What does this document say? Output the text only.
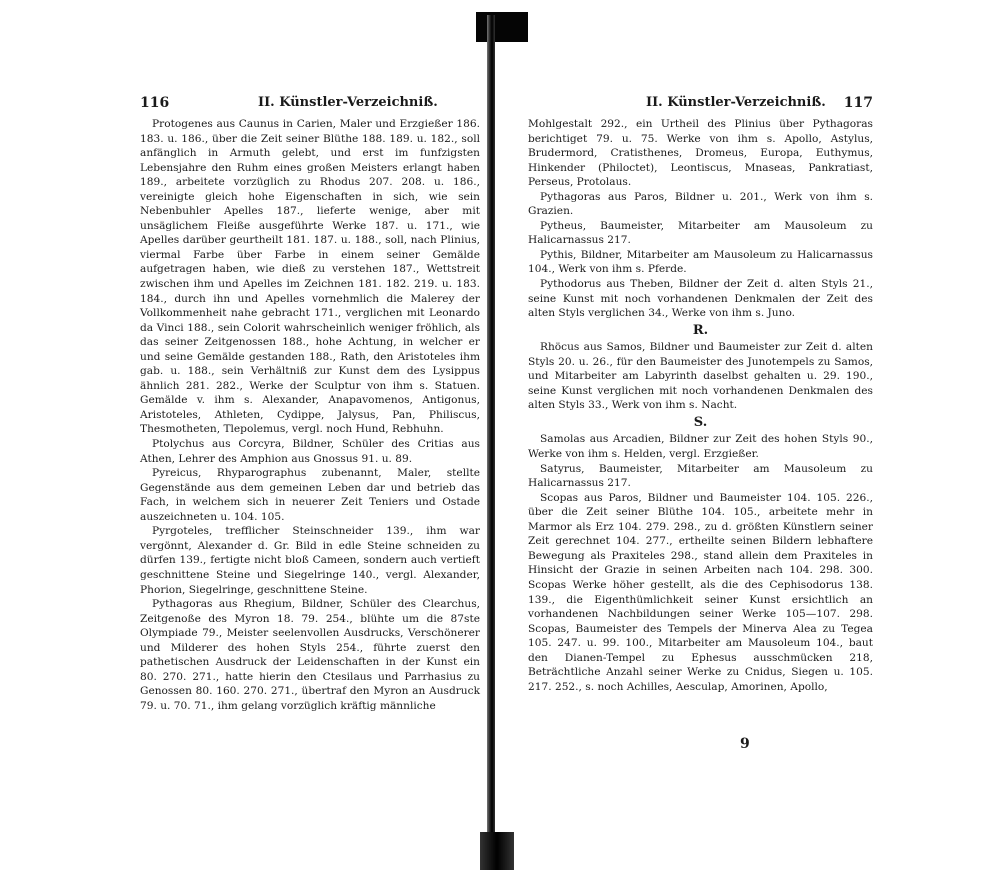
116	II. Künstler-Verzeichniß.

Protogenes aus Caunus in Carien, Maler und Erzgießer 186. 183. u. 186., über die Zeit seiner Blüthe 188. 189. u. 182., soll anfänglich in Armuth gelebt, und erst im funfzigsten Lebensjahre den Ruhm eines großen Meisters erlangt haben 189., arbeitete vorzüglich zu Rhodus 207. 208. u. 186., vereinigte gleich hohe Eigenschaften in sich, wie sein Nebenbuhler Apelles 187., lieferte wenige, aber mit unsäglichem Fleiße ausgeführte Werke 187. u. 171., wie Apelles darüber geurtheilt 181. 187. u. 188., soll, nach Plinius, viermal Farbe über Farbe in einem seiner Gemälde aufgetragen haben, wie dieß zu verstehen 187., Wettstreit zwischen ihm und Apelles im Zeichnen 181. 182. 219. u. 183. 184., durch ihn und Apelles vornehmlich die Malerey der Vollkommenheit nahe gebracht 171., verglichen mit Leonardo da Vinci 188., sein Colorit wahrscheinlich weniger fröhlich, als das seiner Zeitgenossen 188., hohe Achtung, in welcher er und seine Gemälde gestanden 188., Rath, den Aristoteles ihm gab. u. 188., sein Verhältniß zur Kunst dem des Lysippus ähnlich 281. 282., Werke der Sculptur von ihm s. Statuen. Gemälde v. ihm s. Alexander, Anapavomenos, Antigonus, Aristoteles, Athleten, Cydippe, Jalysus, Pan, Philiscus, Thesmotheten, Tlepolemus, vergl. noch Hund, Rebhuhn.

Ptolychus aus Corcyra, Bildner, Schüler des Critias aus Athen, Lehrer des Amphion aus Gnossus 91. u. 89.

Pyreicus, Rhyparographus zubenannt, Maler, stellte Gegenstände aus dem gemeinen Leben dar und betrieb das Fach, in welchem sich in neuerer Zeit Teniers und Ostade auszeichneten u. 104. 105.

Pyrgoteles, trefflicher Steinschneider 139., ihm war vergönnt, Alexander d. Gr. Bild in edle Steine schneiden zu dürfen 139., fertigte nicht bloß Cameen, sondern auch vertieft geschnittene Steine und Siegelringe 140., vergl. Alexander, Phorion, Siegelringe, geschnittene Steine.

Pythagoras aus Rhegium, Bildner, Schüler des Clearchus, Zeitgenoße des Myron 18. 79. 254., blühte um die 87ste Olympiade 79., Meister seelenvollen Ausdrucks, Verschönerer und Milderer des hohen Styls 254., führte zuerst den pathetischen Ausdruck der Leidenschaften in der Kunst ein 80. 270. 271., hatte hierin den Ctesilaus und Parrhasius zu Genossen 80. 160. 270. 271., übertraf den Myron an Ausdruck 79. u. 70. 71., ihm gelang vorzüglich kräftig männliche

II. Künstler-Verzeichniß. 117

Mohlgestalt 292., ein Urtheil des Plinius über Pythagoras berichtiget 79. u. 75. Werke von ihm s. Apollo, Astylus, Brudermord, Cratisthenes, Dromeus, Europa, Euthymus, Hinkender (Philoctet), Leontiscus, Mnaseas, Pankratiast, Perseus, Protolaus.

Pythagoras aus Paros, Bildner u. 201., Werk von ihm s. Grazien.

Pytheus, Baumeister, Mitarbeiter am Mausoleum zu Halicarnassus 217.

Pythis, Bildner, Mitarbeiter am Mausoleum zu Halicarnassus 104., Werk von ihm s. Pferde.

Pythodorus aus Theben, Bildner der Zeit d. alten Styls 21., seine Kunst mit noch vorhandenen Denkmalen der Zeit des alten Styls verglichen 34., Werke von ihm s. Juno.

R.

Rhöcus aus Samos, Bildner und Baumeister zur Zeit d. alten Styls 20. u. 26., für den Baumeister des Junotempels zu Samos, und Mitarbeiter am Labyrinth daselbst gehalten u. 29. 190., seine Kunst verglichen mit noch vorhandenen Denkmalen des alten Styls 33., Werk von ihm s. Nacht.

S.

Samolas aus Arcadien, Bildner zur Zeit des hohen Styls 90., Werke von ihm s. Helden, vergl. Erzgießer.

Satyrus, Baumeister, Mitarbeiter am Mausoleum zu Halicarnassus 217.

Scopas aus Paros, Bildner und Baumeister 104. 105. 226., über die Zeit seiner Blüthe 104. 105., arbeitete mehr in Marmor als Erz 104. 279. 298., zu d. größten Künstlern seiner Zeit gerechnet 104. 277., ertheilte seinen Bildern lebhaftere Bewegung als Praxiteles 298., stand allein dem Praxiteles in Hinsicht der Grazie in seinen Arbeiten nach 104. 298. 300. Scopas Werke höher gestellt, als die des Cephisodorus 138. 139., die Eigenthümlichkeit seiner Kunst ersichtlich an vorhandenen Nachbildungen seiner Werke 105—107. 298. Scopas, Baumeister des Tempels der Minerva Alea zu Tegea 105. 247. u. 99. 100., Mitarbeiter am Mausoleum 104., baut den Dianen-Tempel zu Ephesus ausschmücken 218, Beträchtliche Anzahl seiner Werke zu Cnidus, Siegen u. 105. 217. 252., s. noch Achilles, Aesculap, Amorinen, Apollo,

9
